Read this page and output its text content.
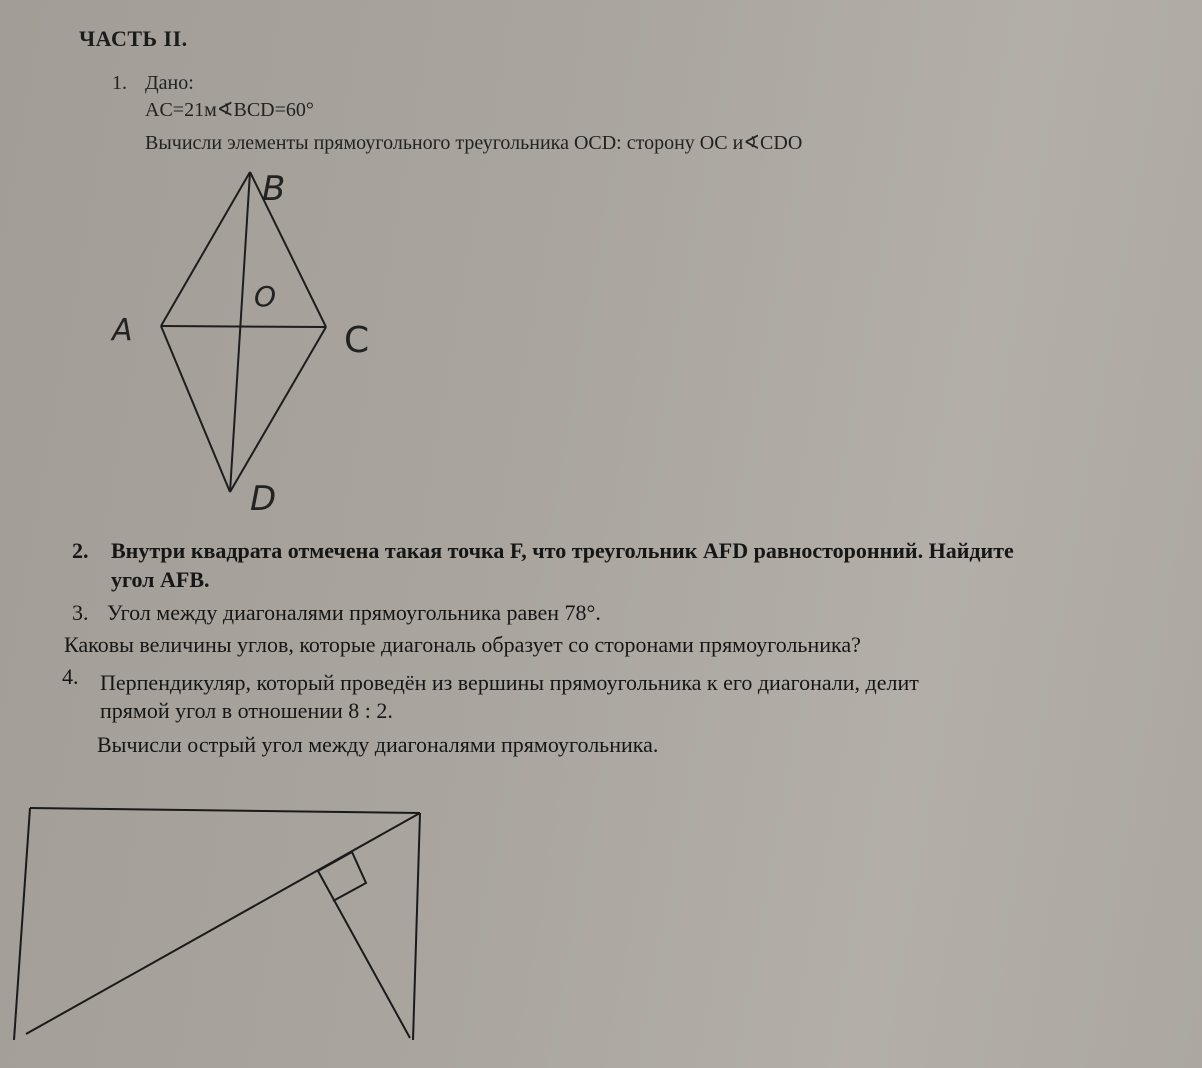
ЧАСТЬ II.
1. Дано:
AC=21м∢BCD=60°
Вычисли элементы прямоугольного треугольника OCD: сторону OC и∢CDO
B
A	C
D
O
2. Внутри квадрата отмечена такая точка F, что треугольник AFD равносторонний. Найдите
угол AFB.
3. Угол между диагоналями прямоугольника равен 78°.
Каковы величины углов, которые диагональ образует со сторонами прямоугольника?
4. Перпендикуляр, который проведён из вершины прямоугольника к его диагонали, делит
прямой угол в отношении 8 : 2.
Вычисли острый угол между диагоналями прямоугольника.
